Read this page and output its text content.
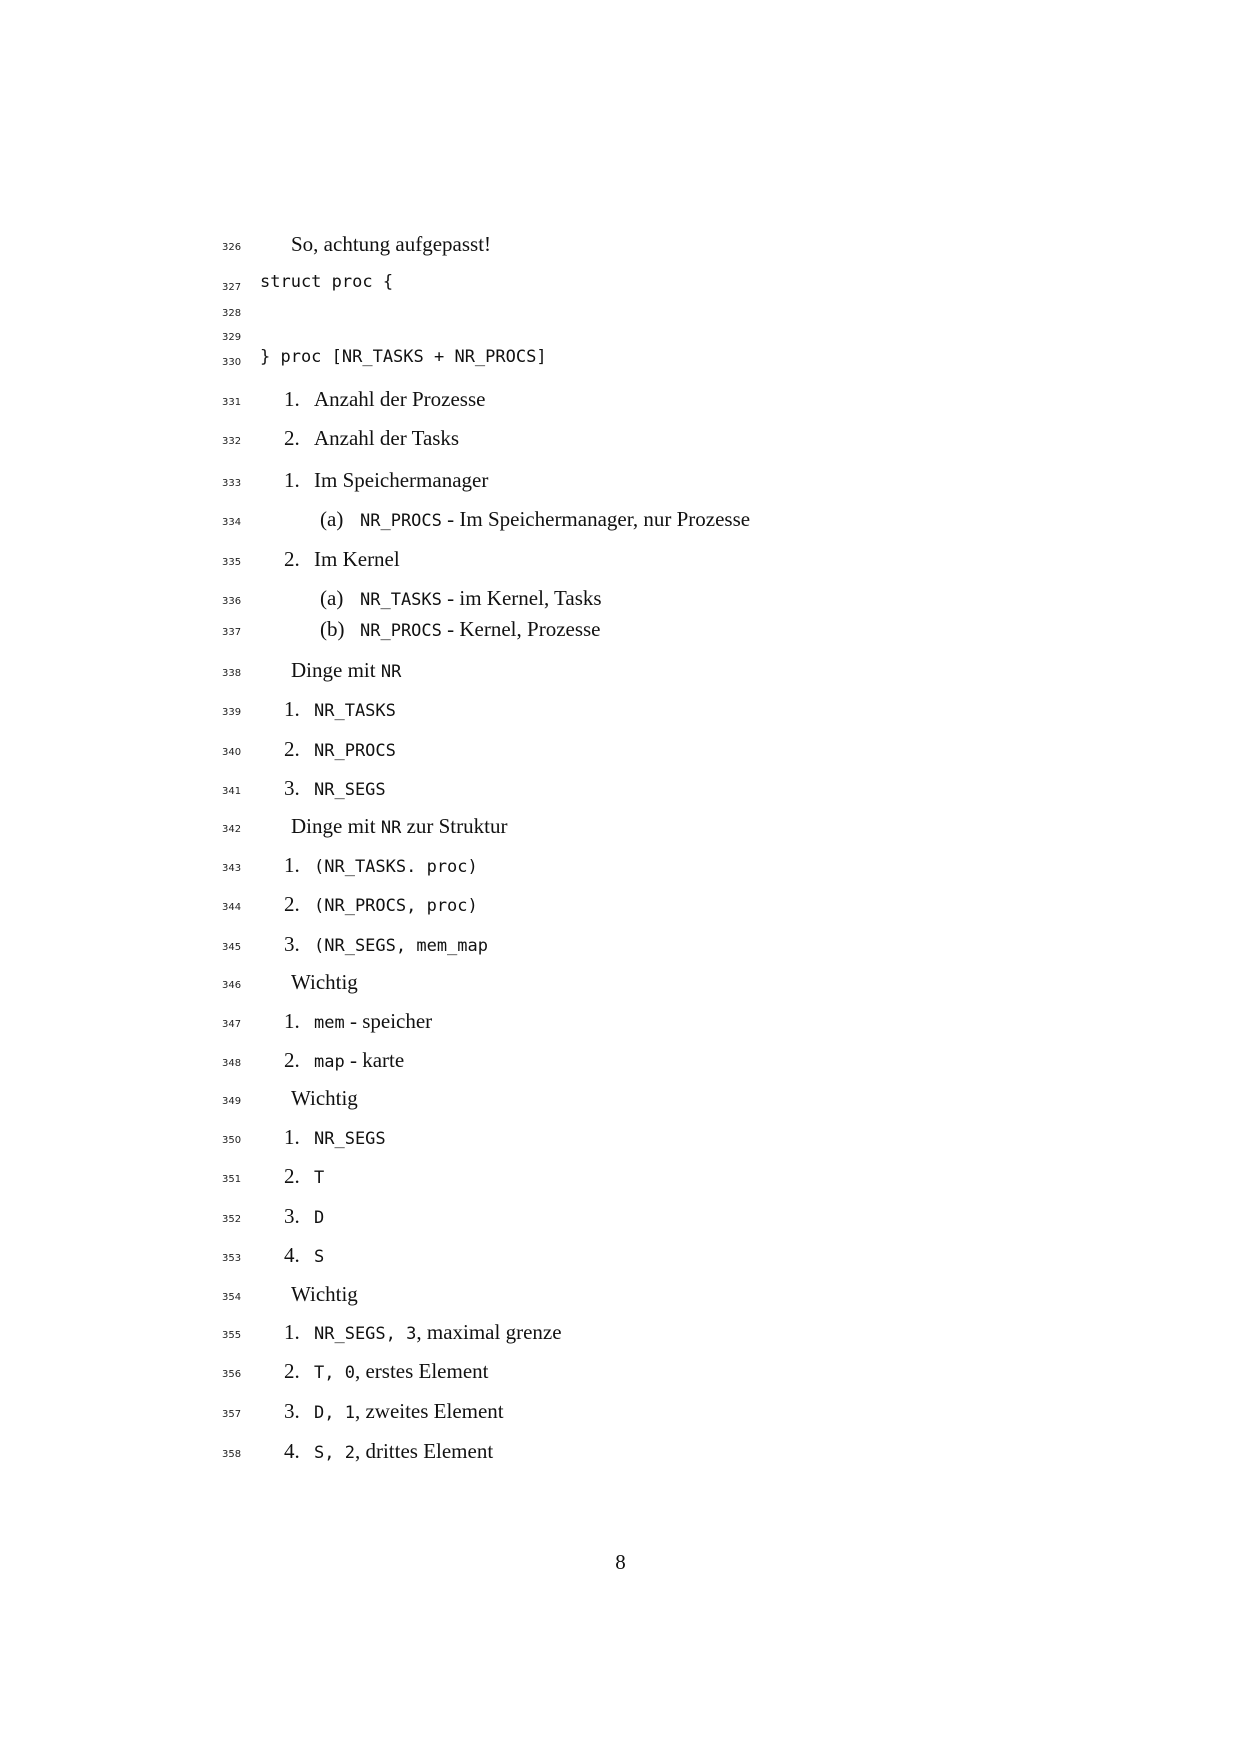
326	So, achtung aufgepasst!
327	struct proc {
328
329
330	} proc [NR_TASKS + NR_PROCS]
331	1. Anzahl der Prozesse
332	2. Anzahl der Tasks
333	1. Im Speichermanager
334	(a) NR_PROCS - Im Speichermanager, nur Prozesse
335	2. Im Kernel
336	(a) NR_TASKS - im Kernel, Tasks
337	(b) NR_PROCS - Kernel, Prozesse
338	Dinge mit NR
339	1. NR_TASKS
340	2. NR_PROCS
341	3. NR_SEGS
342	Dinge mit NR zur Struktur
343	1. (NR_TASKS. proc)
344	2. (NR_PROCS, proc)
345	3. (NR_SEGS, mem_map
346	Wichtig
347	1. mem - speicher
348	2. map - karte
349	Wichtig
350	1. NR_SEGS
351	2. T
352	3. D
353	4. S
354	Wichtig
355	1. NR_SEGS, 3, maximal grenze
356	2. T, 0, erstes Element
357	3. D, 1, zweites Element
358	4. S, 2, drittes Element
8
